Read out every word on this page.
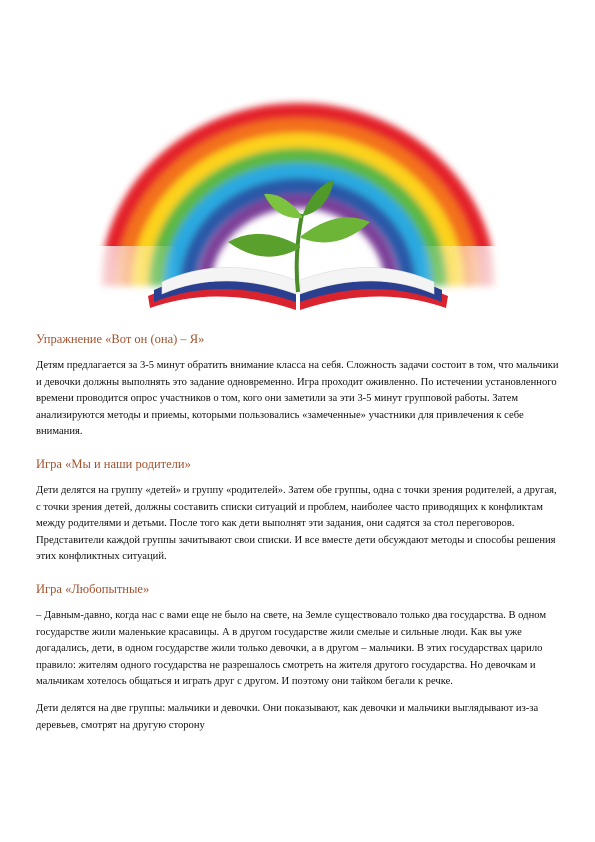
Упражнение «Вот он (она) – Я»

Детям предлагается за 3-5 минут обратить внимание класса на себя. Сложность задачи состоит в том, что мальчики и девочки должны выполнять это задание одновременно. Игра проходит оживленно. По истечении установленного времени проводится опрос участников о том, кого они заметили за эти 3-5 минут групповой работы. Затем анализируются методы и приемы, которыми пользовались «замеченные» участники для привлечения к себе внимания.

Игра «Мы и наши родители»

Дети делятся на группу «детей» и группу «родителей». Затем обе группы, одна с точки зрения родителей, а другая, с точки зрения детей, должны составить списки ситуаций и проблем, наиболее часто приводящих к конфликтам между родителями и детьми. После того как дети выполнят эти задания, они садятся за стол переговоров. Представители каждой группы зачитывают свои списки. И все вместе дети обсуждают методы и способы решения этих конфликтных ситуаций.

Игра «Любопытные»

– Давным-давно, когда нас с вами еще не было на свете, на Земле существовало только два государства. В одном государстве жили маленькие красавицы. А в другом государстве жили смелые и сильные люди. Как вы уже догадались, дети, в одном государстве жили только девочки, а в другом – мальчики. В этих государствах царило правило: жителям одного государства не разрешалось смотреть на жителя другого государства. Но девочкам и мальчикам хотелось общаться и играть друг с другом. И поэтому они тайком бегали к речке.

Дети делятся на две группы: мальчики и девочки. Они показывают, как девочки и мальчики выглядывают из-за деревьев, смотрят на другую сторону
